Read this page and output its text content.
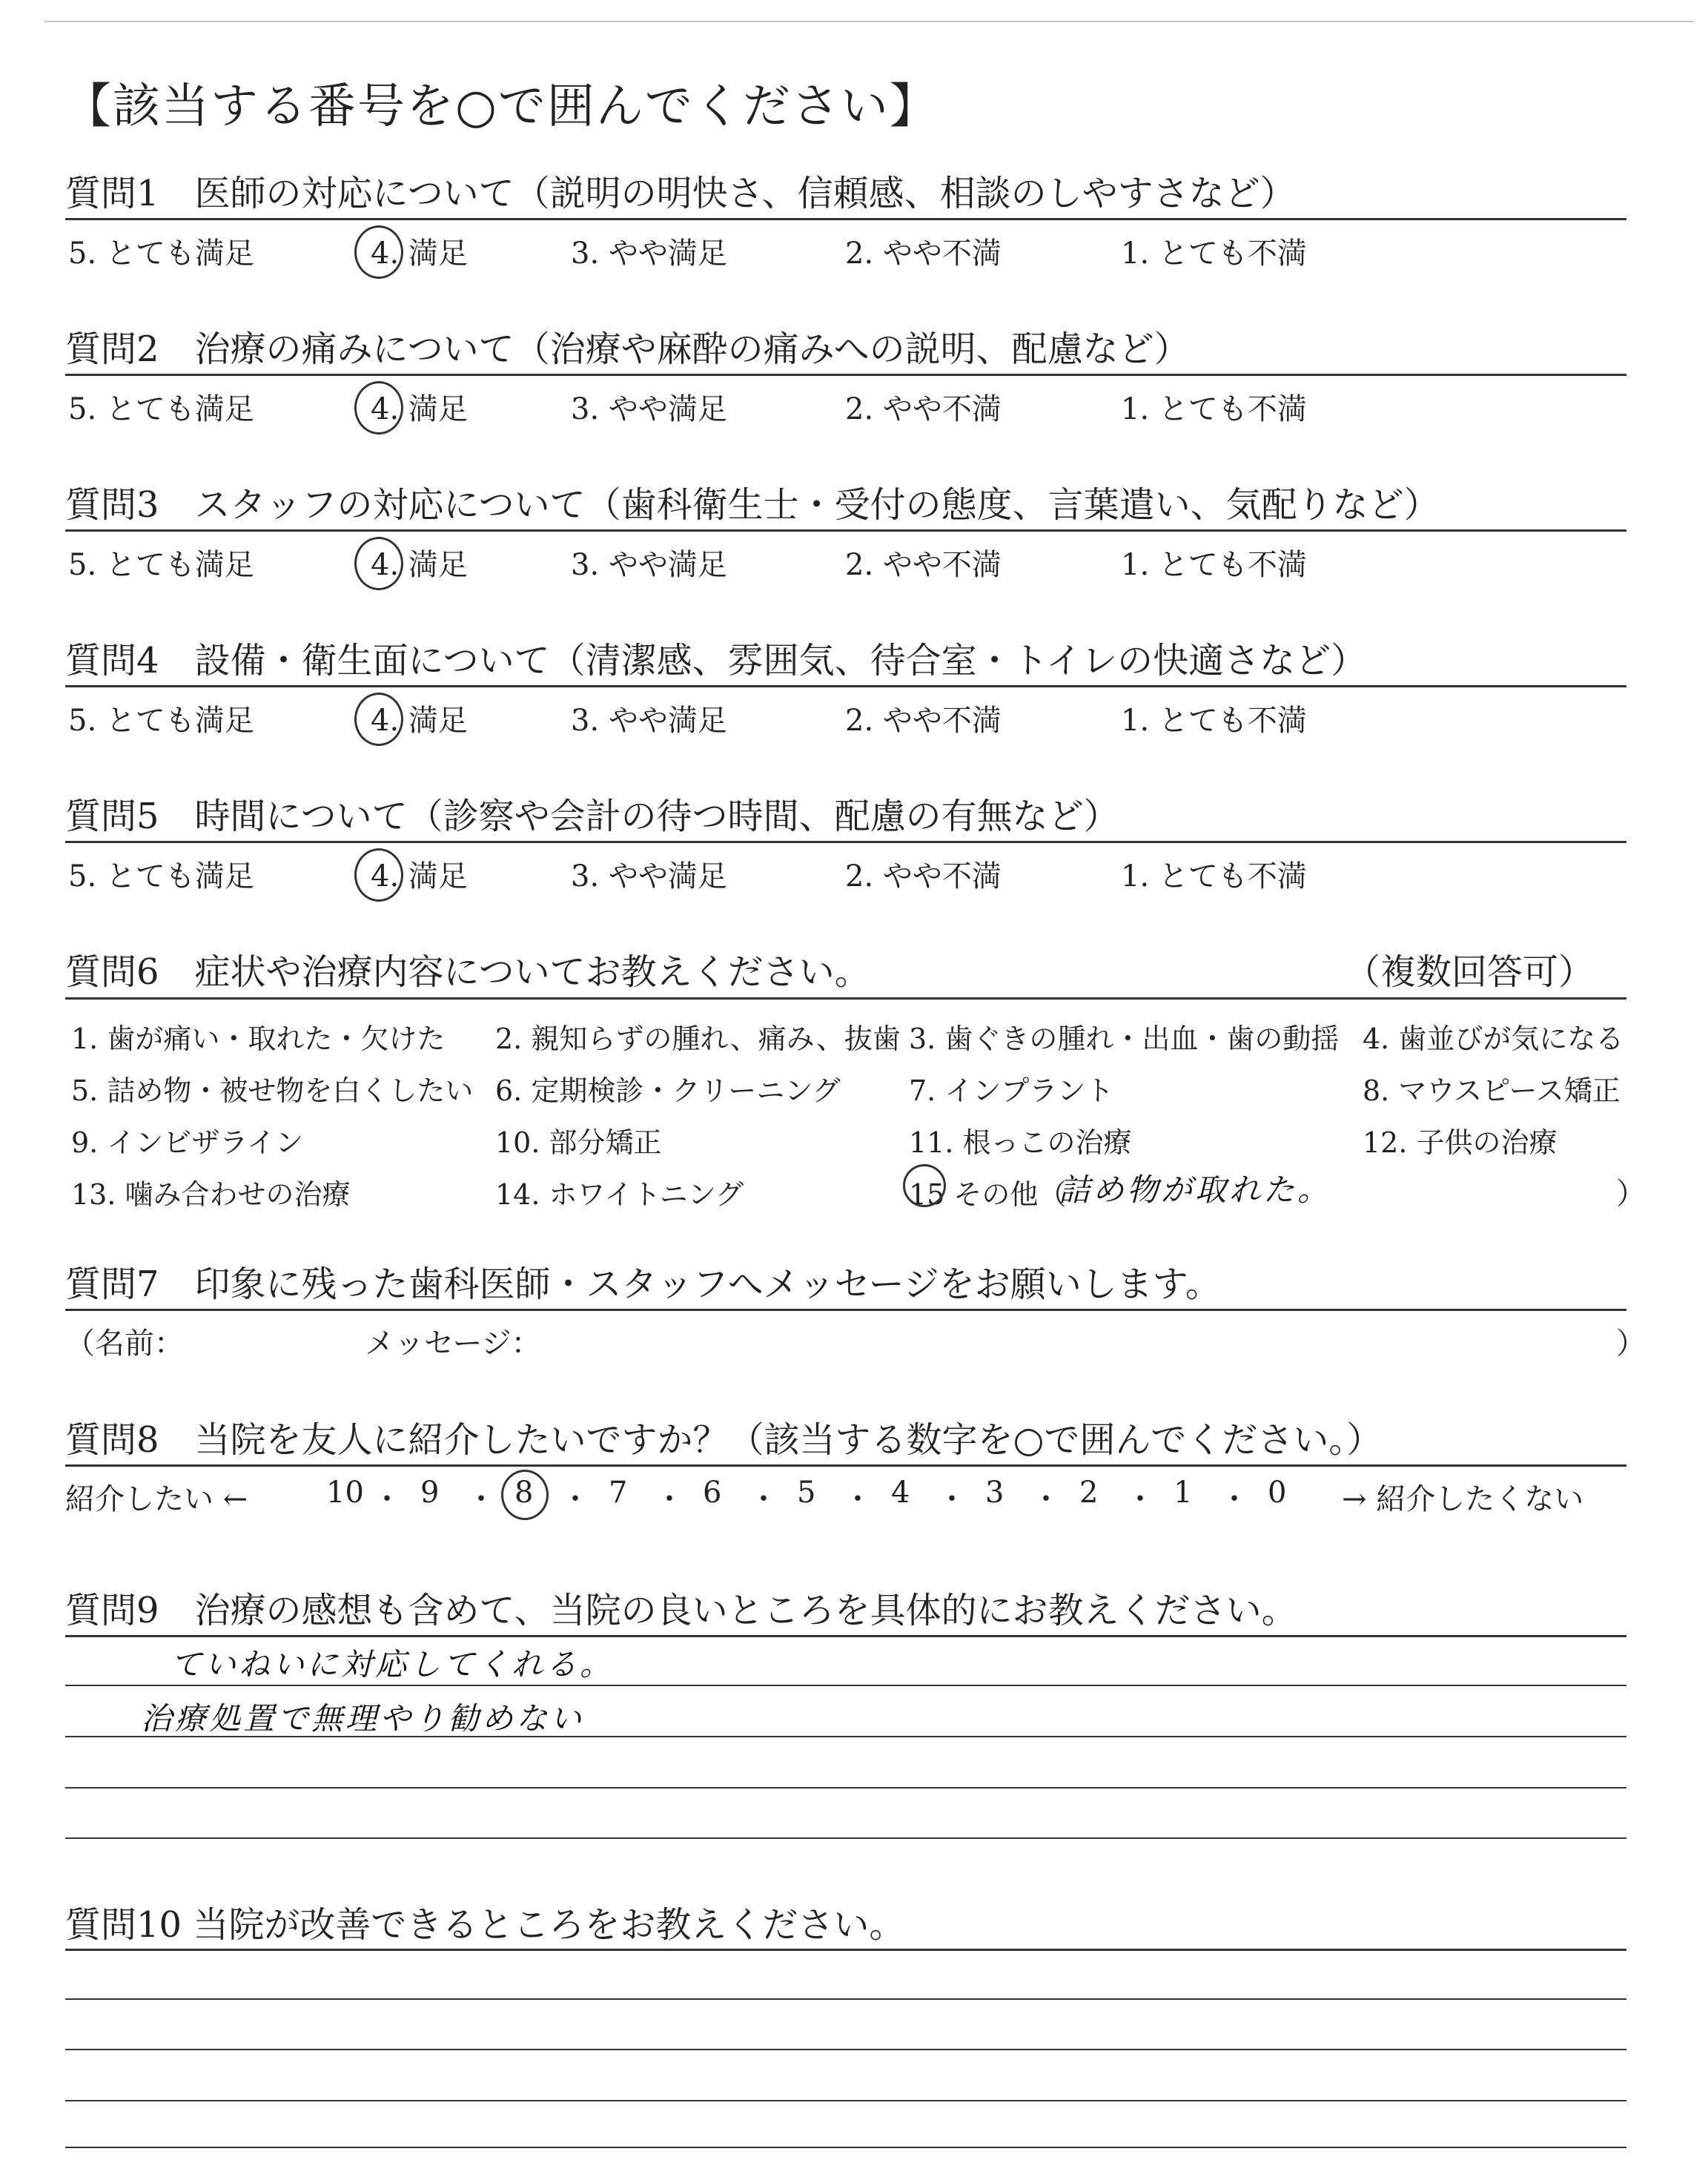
【該当する番号を○で囲んでください】
質問1　医師の対応について（説明の明快さ、信頼感、相談のしやすさなど）
5. とても満足	4. 満足	3. やや満足	2. やや不満	1. とても不満
質問2　治療の痛みについて（治療や麻酔の痛みへの説明、配慮など）
5. とても満足	4. 満足	3. やや満足	2. やや不満	1. とても不満
質問3　スタッフの対応について（歯科衛生士・受付の態度、言葉遣い、気配りなど）
5. とても満足	4. 満足	3. やや満足	2. やや不満	1. とても不満
質問4　設備・衛生面について（清潔感、雰囲気、待合室・トイレの快適さなど）
5. とても満足	4. 満足	3. やや満足	2. やや不満	1. とても不満
質問5　時間について（診察や会計の待つ時間、配慮の有無など）
5. とても満足	4. 満足	3. やや満足	2. やや不満	1. とても不満
質問6　症状や治療内容についてお教えください。	（複数回答可）
1. 歯が痛い・取れた・欠けた 2. 親知らずの腫れ、痛み、抜歯 3. 歯ぐきの腫れ・出血・歯の動揺 4. 歯並びが気になる
5. 詰め物・被せ物を白くしたい 6. 定期検診・クリーニング 7. インプラント	8. マウスピース矯正
9. インビザライン	10. 部分矯正	11. 根っこの治療	12. 子供の治療
13. 噛み合わせの治療	14. ホワイトニング	15 その他（
詰め物が取れた。	）
質問7　印象に残った歯科医師・スタッフへメッセージをお願いします。
（名前：	メッセージ：	）
質問8　当院を友人に紹介したいですか？（該当する数字を○で囲んでください。）
紹介したい ←	10 ・ 9 ・ 8 ・ 7 ・ 6 ・ 5 ・ 4 ・ 3 ・ 2 ・ 1 ・ 0 → 紹介したくない
質問9　治療の感想も含めて、当院の良いところを具体的にお教えください。
ていねいに対応してくれる。
治療処置で無理やり勧めない
質問10 当院が改善できるところをお教えください。
